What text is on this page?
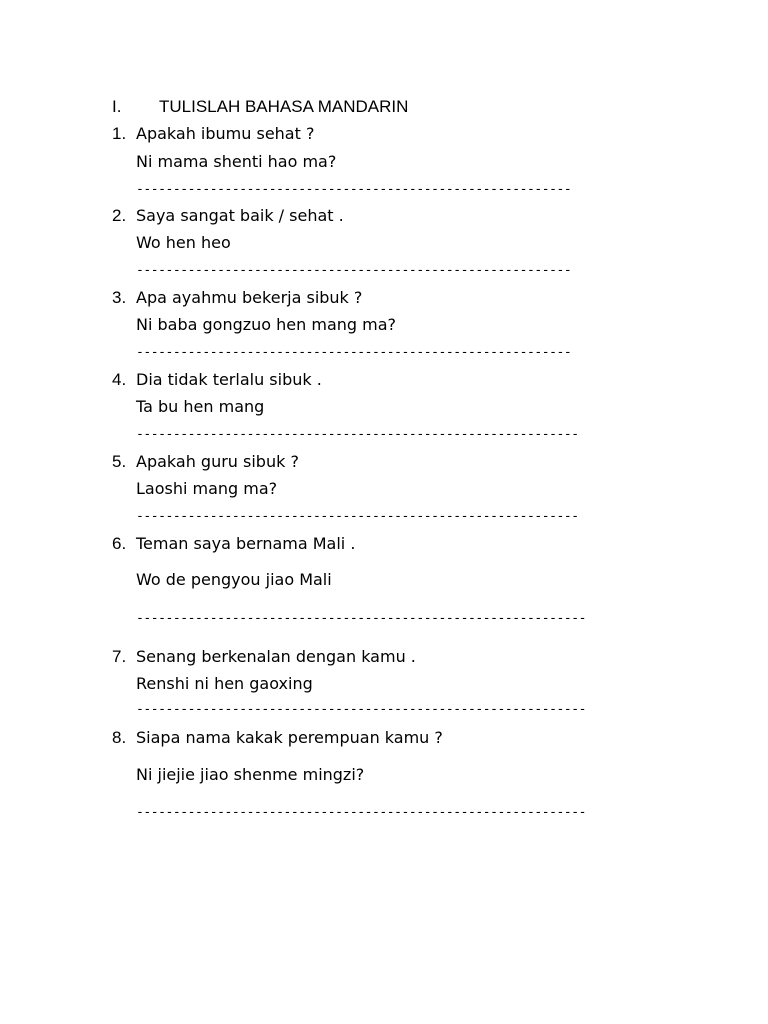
I. TULISLAH BAHASA MANDARIN
1. Apakah ibumu sehat ?
Ni mama shenti hao ma?
-----------------------------------------------------------
2. Saya sangat baik / sehat .
Wo hen heo
-----------------------------------------------------------
3. Apa ayahmu bekerja sibuk ?
Ni baba gongzuo hen mang ma?
-----------------------------------------------------------
4. Dia tidak terlalu sibuk .
Ta bu hen mang
------------------------------------------------------------
5. Apakah guru sibuk ?
Laoshi mang ma?
------------------------------------------------------------
6. Teman saya bernama Mali .
Wo de pengyou jiao Mali
-------------------------------------------------------------
7. Senang berkenalan dengan kamu .
Renshi ni hen gaoxing
-------------------------------------------------------------
8. Siapa nama kakak perempuan kamu ?
Ni jiejie jiao shenme mingzi?
-------------------------------------------------------------
